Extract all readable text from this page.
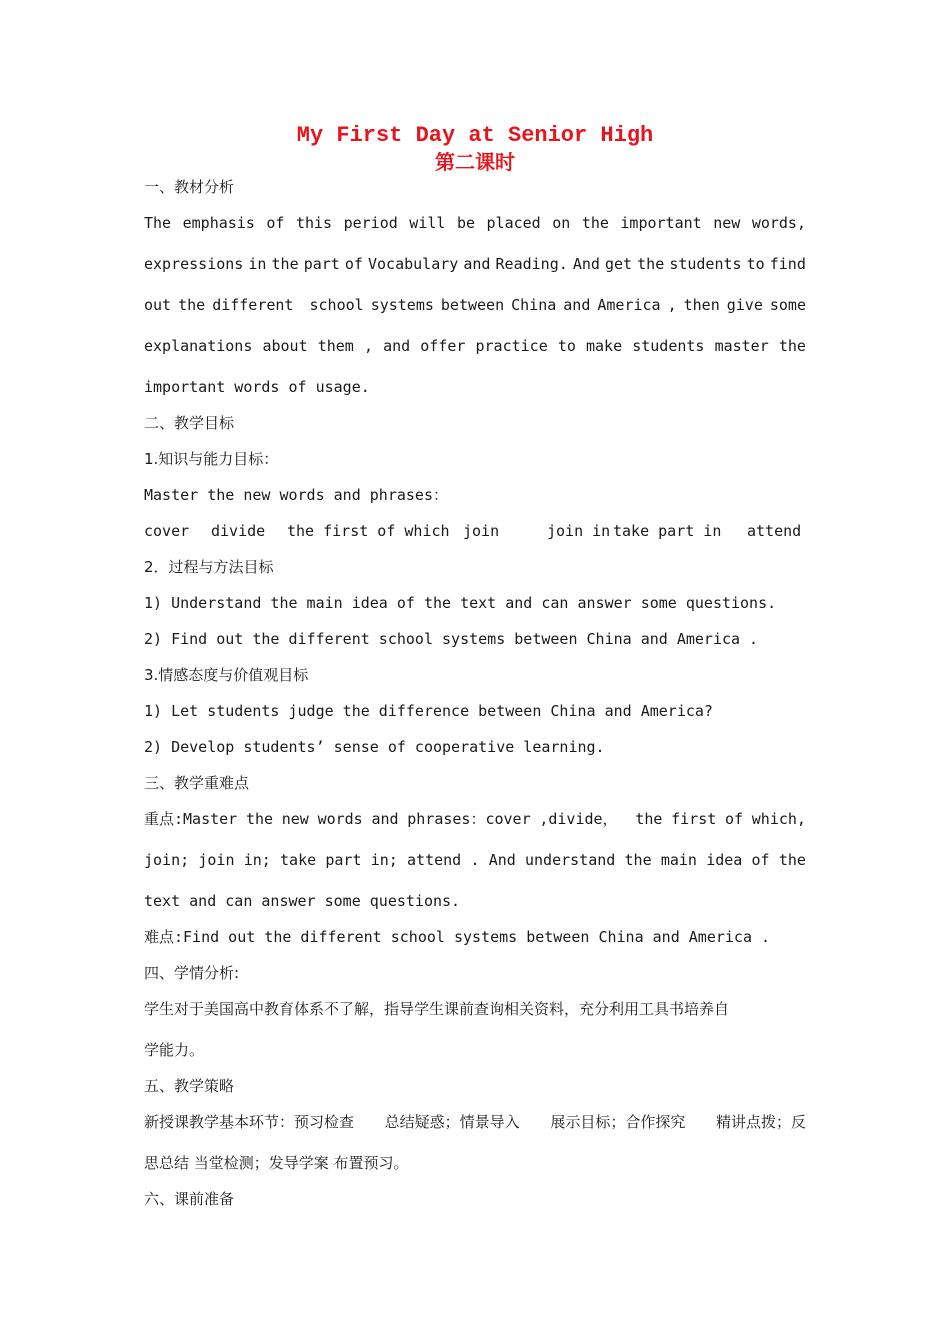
My First Day at Senior High
第二课时
一、教材分析
The emphasis of this period will be placed on the important new words,
expressions in the part of Vocabulary and Reading. And get the students to find
out the different school systems between China and America , then give some
explanations about them , and offer practice to make students master the
important words of usage.
二、教学目标
1.知识与能力目标：
Master the new words and phrases：
cover	divide	the first of which join	join in take part in	attend
2．过程与方法目标
1) Understand the main idea of the text and can answer some questions.
2) Find out the different school systems between China and America .
3.情感态度与价值观目标
1) Let students judge the difference between China and America?
2) Develop students’ sense of cooperative learning.
三、教学重难点
重点:Master the new words and phrases：cover ,divide， the first of which,
join; join in; take part in; attend . And understand the main idea of the
text and can answer some questions.
难点:Find out the different school systems between China and America .
四、学情分析:
学生对于美国高中教育体系不了解，指导学生课前查询相关资料，充分利用工具书培养自
学能力。
五、教学策略
新授课教学基本环节：预习检查 总结疑惑；情景导入 展示目标；合作探究 精讲点拨；反
思总结 当堂检测；发导学案 布置预习。
六、课前准备
